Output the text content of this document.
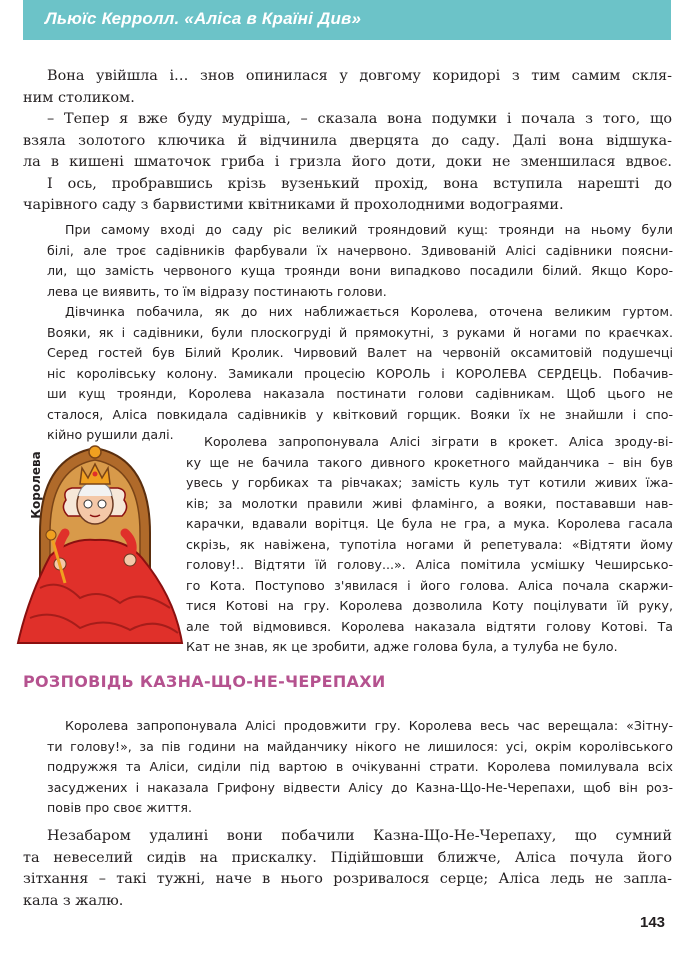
Льюїс Керролл. «Аліса в Країні Див»
Вона увійшла і… знов опинилася у довгому коридорі з тим самим скля-
ним столиком.
– Тепер я вже буду мудріша, – сказала вона подумки і почала з того, що
взяла золотого ключика й відчинила дверцята до саду. Далі вона відшука-
ла в кишені шматочок гриба і гризла його доти, доки не зменшилася вдвоє.
І ось, пробравшись крізь вузенький прохід, вона вступила нарешті до
чарівного саду з барвистими квітниками й прохолодними водограями.
При самому вході до саду ріс великий трояндовий кущ: троянди на ньому були
білі, але троє садівників фарбували їх начервоно. Здивованій Алісі садівники поясни-
ли, що замість червоного куща троянди вони випадково посадили білий. Якщо Коро-
лева це виявить, то їм відразу постинають голови.
Дівчинка побачила, як до них наближається Королева, оточена великим гуртом.
Вояки, як і садівники, були плоскогруді й прямокутні, з руками й ногами по краєчках.
Серед гостей був Білий Кролик. Чирвовий Валет на червоній оксамитовій подушечці
ніс королівську колону. Замикали процесію КОРОЛЬ і КОРОЛЕВА СЕРДЕЦЬ. Побачив-
ши кущ троянди, Королева наказала постинати голови садівникам. Щоб цього не
сталося, Аліса повкидала садівників у квітковий горщик. Вояки їх не знайшли і спо-
кійно рушили далі.
Королева
Королева запропонувала Алісі зіграти в крокет. Аліса зроду-ві-
ку ще не бачила такого дивного крокетного майданчика – він був
увесь у горбиках та рівчаках; замість куль тут котили живих їжа-
ків; за молотки правили живі фламінго, а вояки, постававши нав-
карачки, вдавали ворітця. Це була не гра, а мука. Королева гасала
скрізь, як навіжена, тупотіла ногами й репетувала: «Відтяти йому
голову!.. Відтяти їй голову...». Аліса помітила усмішку Чеширсько-
го Кота. Поступово з'явилася і його голова. Аліса почала скаржи-
тися Котові на гру. Королева дозволила Коту поцілувати їй руку,
але той відмовився. Королева наказала відтяти голову Котові. Та
Кат не знав, як це зробити, адже голова була, а тулуба не було.
РОЗПОВІДЬ КАЗНА-ЩО-НЕ-ЧЕРЕПАХИ
Королева запропонувала Алісі продовжити гру. Королева весь час верещала: «Зітну-
ти голову!», за пів години на майданчику нікого не лишилося: усі, окрім королівського
подружжя та Аліси, сиділи під вартою в очікуванні страти. Королева помилувала всіх
засуджених і наказала Грифону відвести Алісу до Казна-Що-Не-Черепахи, щоб він роз-
повів про своє життя.
Незабаром удалині вони побачили Казна-Що-Не-Черепаху, що сумний
та невеселий сидів на прискалку. Підійшовши ближче, Аліса почула його
зітхання – такі тужні, наче в нього розривалося серце; Аліса ледь не запла-
кала з жалю.
143
